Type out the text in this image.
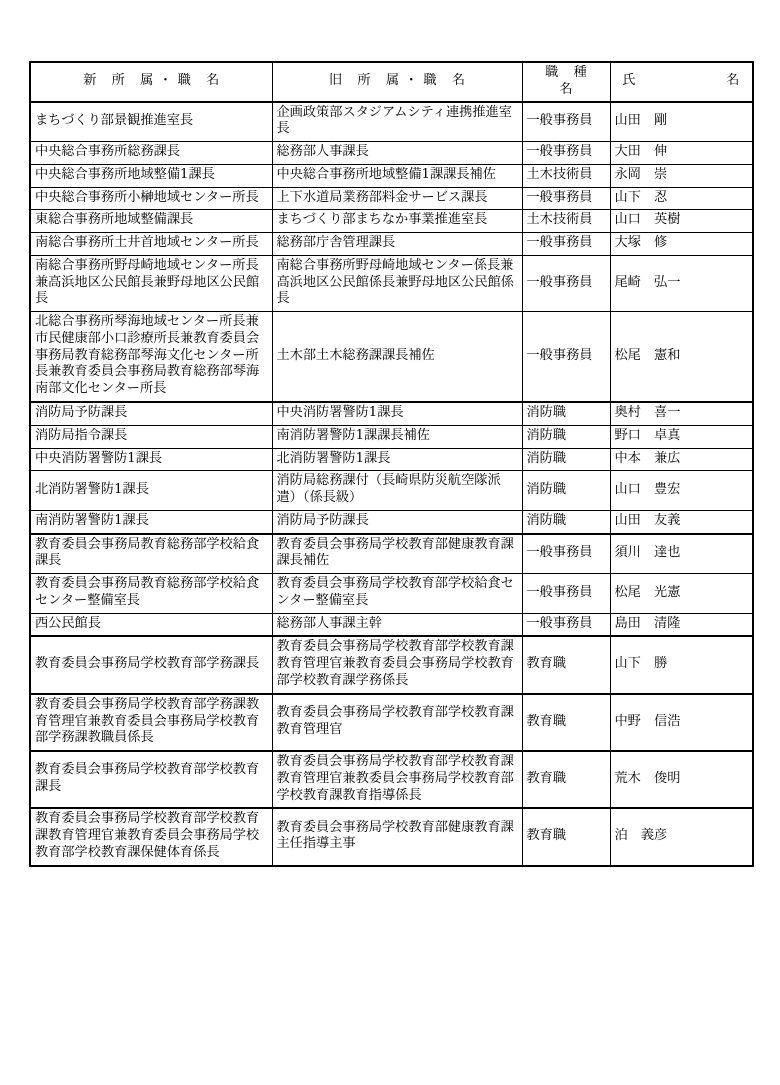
新 所 属・職 名	旧 所 属・職 名	職 種 名	氏 名

まちづくり部景観推進室長	企画政策部スタジアムシティ連携推進室長	一般事務員	山田　剛
中央総合事務所総務課長	総務部人事課長	一般事務員	大田　伸
中央総合事務所地域整備1課長	中央総合事務所地域整備1課課長補佐	土木技術員	永岡　崇
中央総合事務所小榊地域センター所長	上下水道局業務部料金サービス課長	一般事務員	山下　忍
東総合事務所地域整備課長	まちづくり部まちなか事業推進室長	土木技術員	山口　英樹
南総合事務所土井首地域センター所長	総務部庁舎管理課長	一般事務員	大塚　修
南総合事務所野母崎地域センター所長兼高浜地区公民館長兼野母地区公民館長	南総合事務所野母崎地域センター係長兼高浜地区公民館係長兼野母地区公民館係長	一般事務員	尾崎　弘一
北総合事務所琴海地域センター所長兼市民健康部小口診療所長兼教育委員会事務局教育総務部琴海文化センター所長兼教育委員会事務局教育総務部琴海南部文化センター所長	土木部土木総務課課長補佐	一般事務員	松尾　憲和
消防局予防課長	中央消防署警防1課長	消防職	奥村　喜一
消防局指令課長	南消防署警防1課課長補佐	消防職	野口　卓真
中央消防署警防1課長	北消防署警防1課長	消防職	中本　兼広
北消防署警防1課長	消防局総務課付（長崎県防災航空隊派遣）（係長級）	消防職	山口　豊宏
南消防署警防1課長	消防局予防課長	消防職	山田　友義
教育委員会事務局教育総務部学校給食課長	教育委員会事務局学校教育部健康教育課課長補佐	一般事務員	須川　達也
教育委員会事務局教育総務部学校給食センター整備室長	教育委員会事務局学校教育部学校給食センター整備室長	一般事務員	松尾　光憲
西公民館長	総務部人事課主幹	一般事務員	島田　清隆
教育委員会事務局学校教育部学務課長	教育委員会事務局学校教育部学校教育課教育管理官兼教育委員会事務局学校教育部学校教育課学務係長	教育職	山下　勝
教育委員会事務局学校教育部学務課教育管理官兼教育委員会事務局学校教育部学務課教職員係長	教育委員会事務局学校教育部学校教育課教育管理官	教育職	中野　信浩
教育委員会事務局学校教育部学校教育課長	教育委員会事務局学校教育部学校教育課教育管理官兼教委員会事務局学校教育部学校教育課教育指導係長	教育職	荒木　俊明
教育委員会事務局学校教育部学校教育課教育管理官兼教育委員会事務局学校教育部学校教育課保健体育係長	教育委員会事務局学校教育部健康教育課主任指導主事	教育職	泊　義彦
